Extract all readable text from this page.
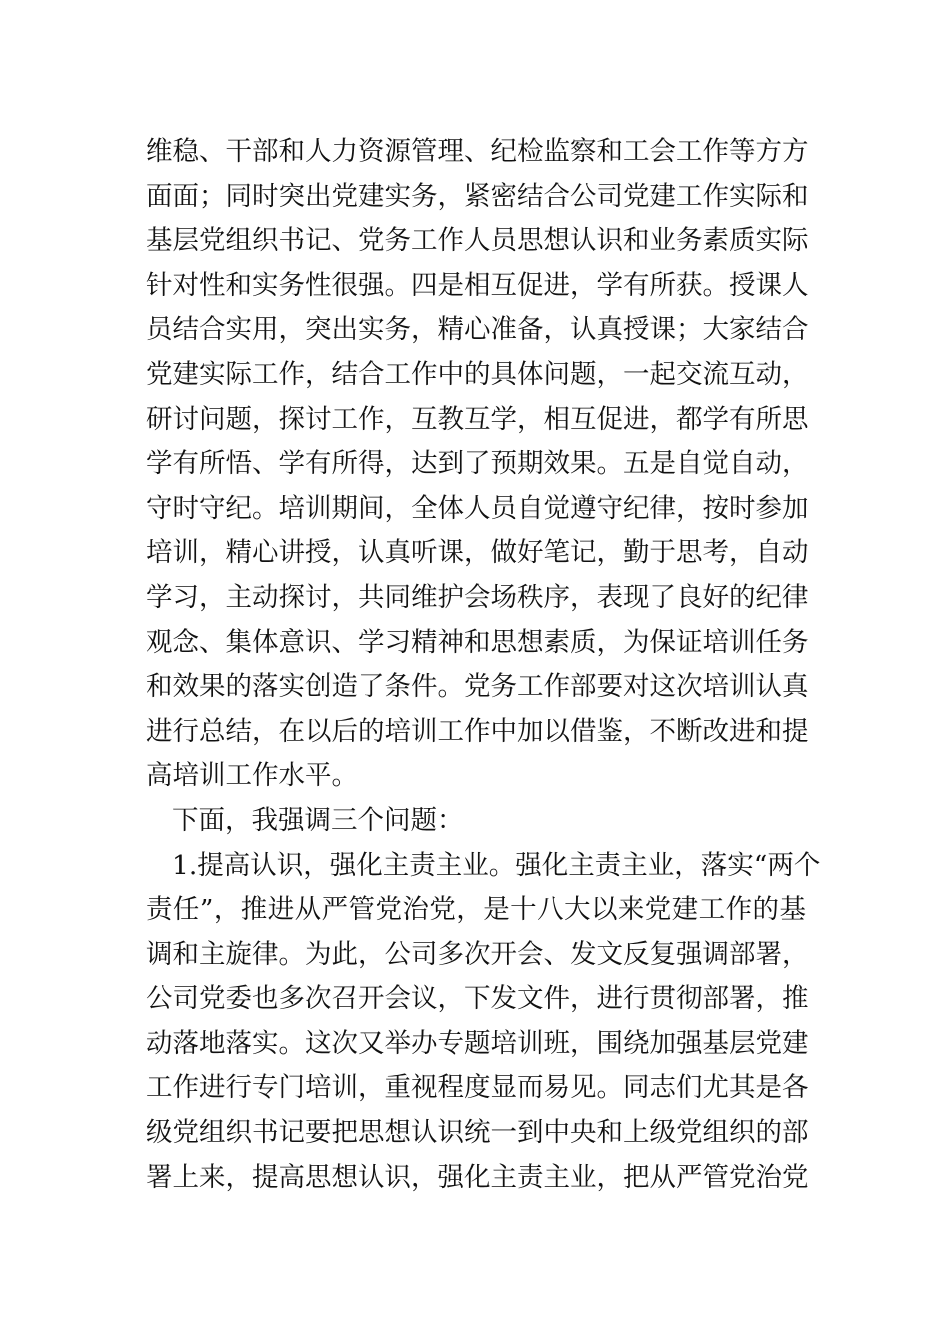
维稳、干部和人力资源管理、纪检监察和工会工作等方方
面面；同时突出党建实务，紧密结合公司党建工作实际和
基层党组织书记、党务工作人员思想认识和业务素质实际
针对性和实务性很强。四是相互促进，学有所获。授课人
员结合实用，突出实务，精心准备，认真授课；大家结合
党建实际工作，结合工作中的具体问题，一起交流互动，
研讨问题，探讨工作，互教互学，相互促进，都学有所思
学有所悟、学有所得，达到了预期效果。五是自觉自动，
守时守纪。培训期间，全体人员自觉遵守纪律，按时参加
培训，精心讲授，认真听课，做好笔记，勤于思考，自动
学习，主动探讨，共同维护会场秩序，表现了良好的纪律
观念、集体意识、学习精神和思想素质，为保证培训任务
和效果的落实创造了条件。党务工作部要对这次培训认真
进行总结，在以后的培训工作中加以借鉴，不断改进和提
高培训工作水平。
下面，我强调三个问题：
1.提高认识，强化主责主业。强化主责主业，落实“两个
责任”，推进从严管党治党，是十八大以来党建工作的基
调和主旋律。为此，公司多次开会、发文反复强调部署，
公司党委也多次召开会议，下发文件，进行贯彻部署，推
动落地落实。这次又举办专题培训班，围绕加强基层党建
工作进行专门培训，重视程度显而易见。同志们尤其是各
级党组织书记要把思想认识统一到中央和上级党组织的部
署上来，提高思想认识，强化主责主业，把从严管党治党
